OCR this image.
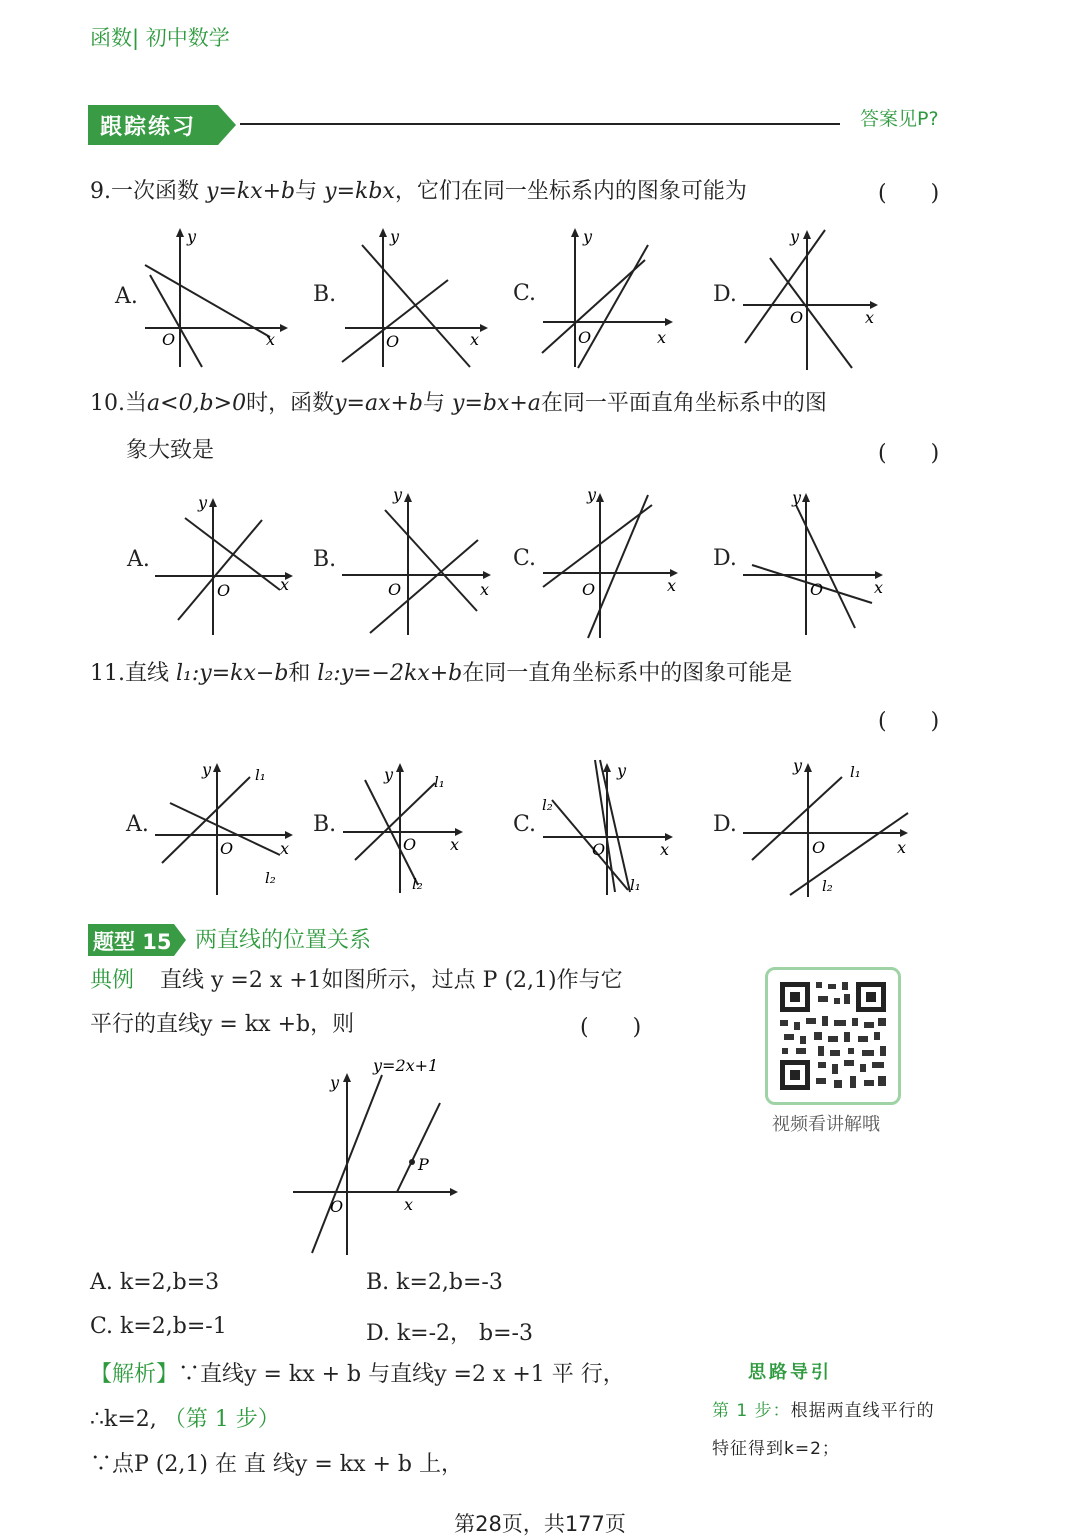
函数| 初中数学
跟踪练习	答案见P?
9.一次函数 y=kx+b与 y=kbx，它们在同一坐标系内的图象可能为	(　　)
A.	B.	C.	D.
y
O	x
y
O	x
y
O	x
y
O	x
10.当a<0,b>0时，函数y=ax+b与 y=bx+a在同一平面直角坐标系中的图
象大致是	(　　)
A.	B.	C.	D.
y
O	x
y
O	x
y
O	x
y
O	x
11.直线 l₁:y=kx−b和 l₂:y=−2kx+b在同一直角坐标系中的图象可能是
(　　)
A.	B.	C.	D.
y
O	x
l₁
l₂
y
O x
l₁
l₂
y
O	x
l₂
l₁
y
O	x
l₁
l₂
题型 15 两直线的位置关系
典例 直线 y =2 x +1如图所示，过点 P (2,1)作与它
平行的直线y = kx +b，则	(　　)
视频看讲解哦
y
y=2x+1
P
O	x
A. k=2,b=3	B. k=2,b=-3
C. k=2,b=-1	D. k=-2， b=-3
【解析】∵直线y = kx + b 与直线y =2 x +1 平 行，
∴k=2, （第 1 步）
∵点P (2,1) 在 直 线y = kx + b 上，
思路导引
第 1 步：根据两直线平行的
特征得到k=2；
第28页，共177页
